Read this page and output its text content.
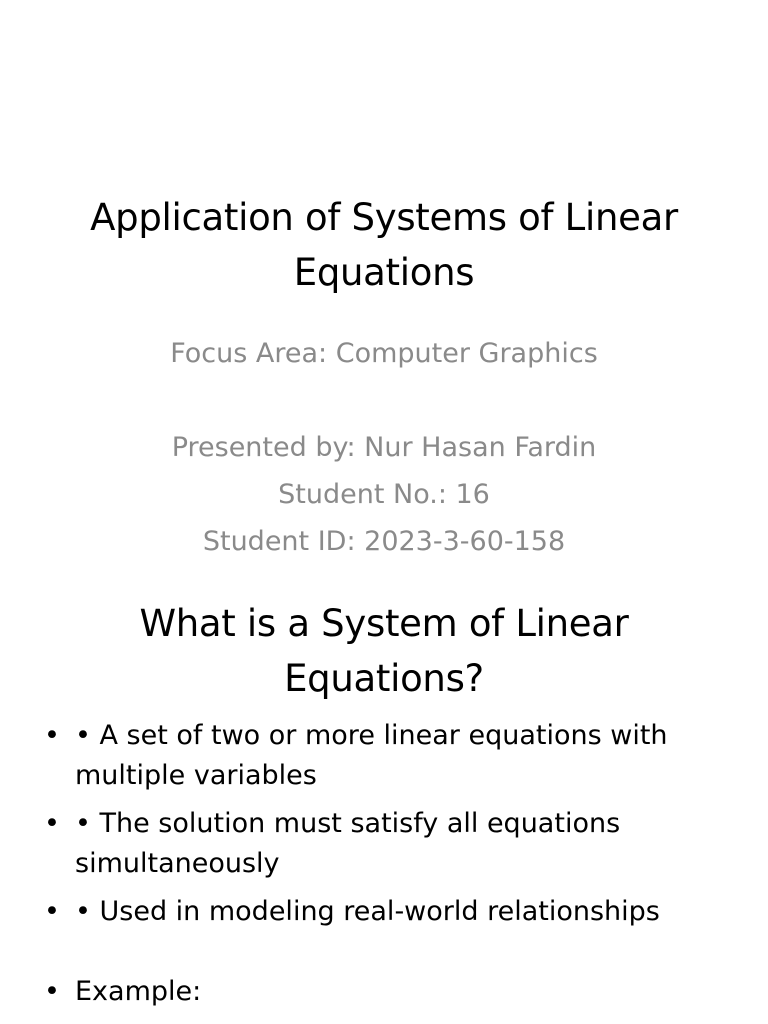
Application of Systems of Linear Equations
Focus Area: Computer Graphics
Presented by: Nur Hasan Fardin
Student No.: 16
Student ID: 2023-3-60-158
What is a System of Linear Equations?
• • A set of two or more linear equations with multiple variables
• • The solution must satisfy all equations simultaneously
• • Used in modeling real-world relationships
• Example:
